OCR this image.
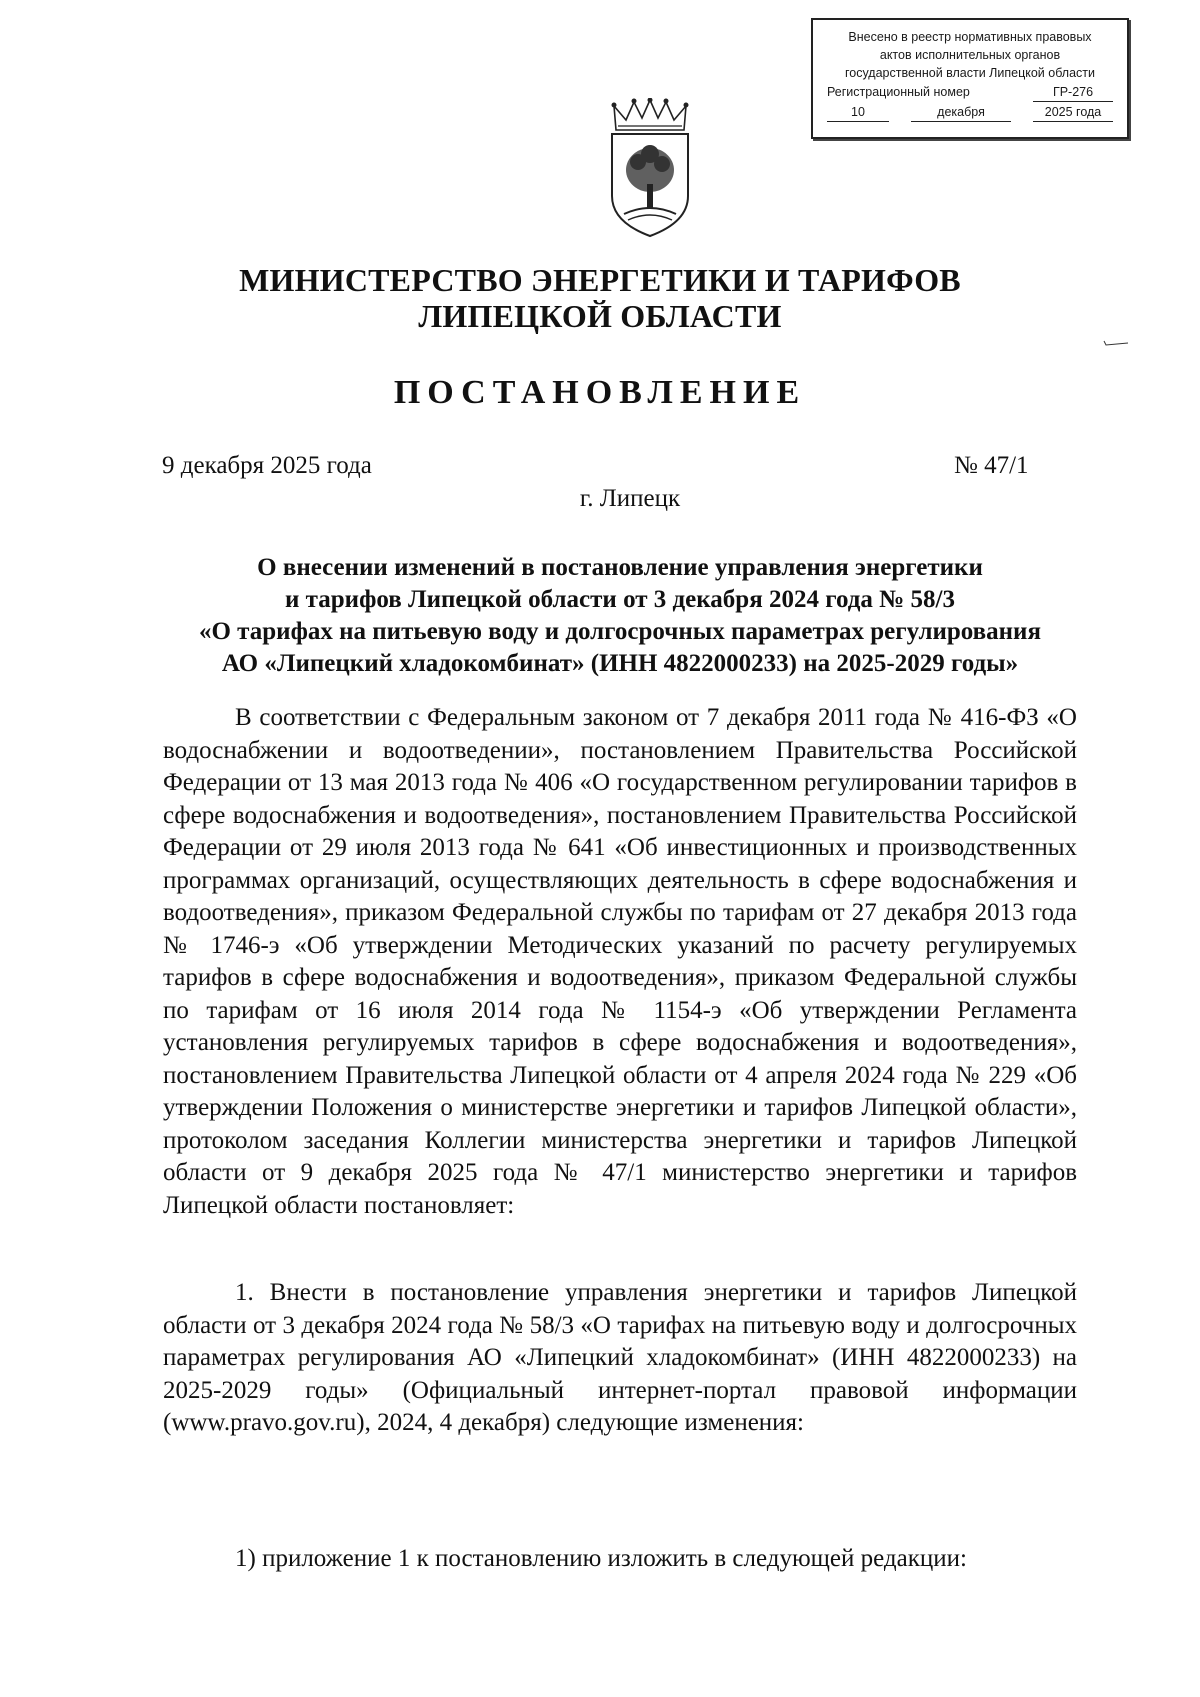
Внесено в реестр нормативных правовых
актов исполнительных органов
государственной власти Липецкой области
Регистрационный номер	ГР-276
10	декабря	2025 года
МИНИСТЕРСТВО ЭНЕРГЕТИКИ И ТАРИФОВ
ЛИПЕЦКОЙ ОБЛАСТИ
ПОСТАНОВЛЕНИЕ
9 декабря 2025 года	№ 47/1
г. Липецк
О внесении изменений в постановление управления энергетики
и тарифов Липецкой области от 3 декабря 2024 года № 58/3
«О тарифах на питьевую воду и долгосрочных параметрах регулирования
АО «Липецкий хладокомбинат» (ИНН 4822000233) на 2025-2029 годы»

В соответствии с Федеральным законом от 7 декабря 2011 года № 416-ФЗ «О водоснабжении и водоотведении», постановлением Правительства Российской Федерации от 13 мая 2013 года № 406 «О государственном регулировании тарифов в сфере водоснабжения и водоотведения», постановлением Правительства Российской Федерации от 29 июля 2013 года № 641 «Об инвестиционных и производственных программах организаций, осуществляющих деятельность в сфере водоснабжения и водоотведения», приказом Федеральной службы по тарифам от 27 декабря 2013 года № 1746-э «Об утверждении Методических указаний по расчету регулируемых тарифов в сфере водоснабжения и водоотведения», приказом Федеральной службы по тарифам от 16 июля 2014 года № 1154-э «Об утверждении Регламента установления регулируемых тарифов в сфере водоснабжения и водоотведения», постановлением Правительства Липецкой области от 4 апреля 2024 года № 229 «Об утверждении Положения о министерстве энергетики и тарифов Липецкой области», протоколом заседания Коллегии министерства энергетики и тарифов Липецкой области от 9 декабря 2025 года № 47/1 министерство энергетики и тарифов Липецкой области постановляет:

1. Внести в постановление управления энергетики и тарифов Липецкой области от 3 декабря 2024 года № 58/3 «О тарифах на питьевую воду и долгосрочных параметрах регулирования АО «Липецкий хладокомбинат» (ИНН 4822000233) на 2025-2029 годы» (Официальный интернет-портал правовой информации (www.pravo.gov.ru), 2024, 4 декабря) следующие изменения:

1) приложение 1 к постановлению изложить в следующей редакции:
